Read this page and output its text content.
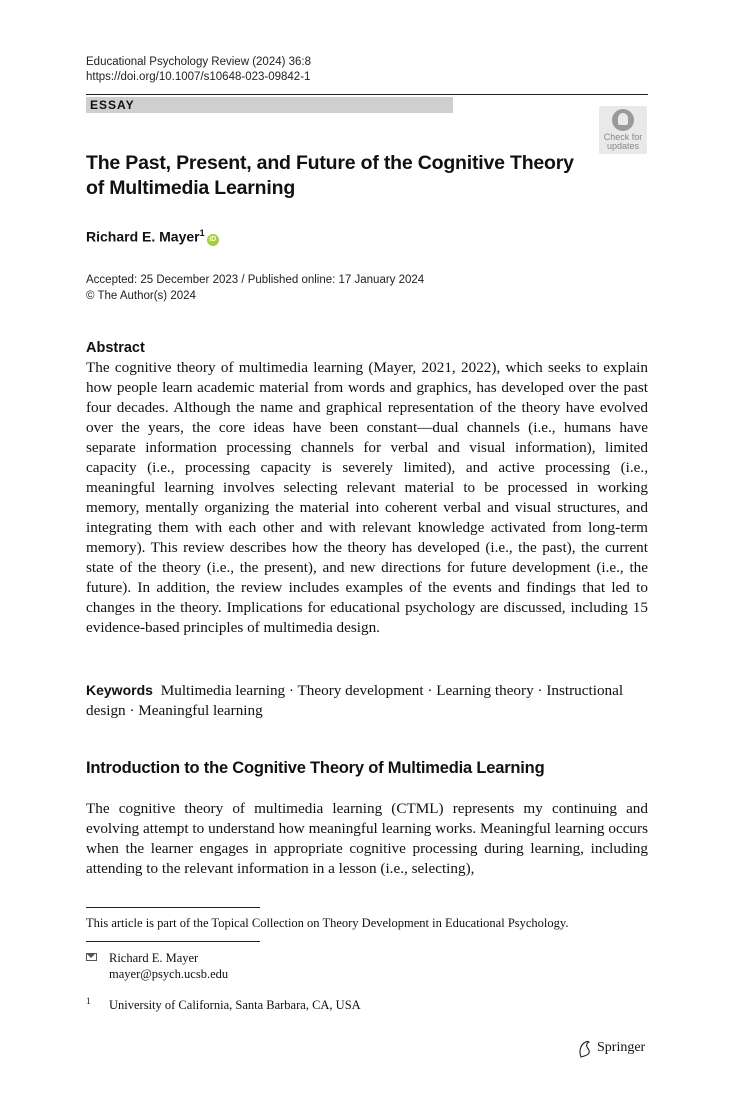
Educational Psychology Review (2024) 36:8
https://doi.org/10.1007/s10648-023-09842-1
ESSAY
Check for
updates
The Past, Present, and Future of the Cognitive Theory
of Multimedia Learning
Richard E. Mayer$^1$iD
Accepted: 25 December 2023 / Published online: 17 January 2024
© The Author(s) 2024
Abstract
The cognitive theory of multimedia learning (Mayer, 2021, 2022), which seeks to explain how people learn academic material from words and graphics, has developed over the past four decades. Although the name and graphical representation of the theory have evolved over the years, the core ideas have been constant—dual channels (i.e., humans have separate information processing channels for verbal and visual information), limited capacity (i.e., processing capacity is severely limited), and active processing (i.e., meaningful learning involves selecting relevant material to be processed in working memory, mentally organizing the material into coherent verbal and visual structures, and integrating them with each other and with relevant knowledge activated from long-term memory). This review describes how the theory has developed (i.e., the past), the current state of the theory (i.e., the present), and new directions for future development (i.e., the future). In addition, the review includes examples of the events and findings that led to changes in the theory. Implications for educational psychology are discussed, including 15 evidence-based principles of multimedia design.
Keywords Multimedia learning · Theory development · Learning theory · Instructional design · Meaningful learning
Introduction to the Cognitive Theory of Multimedia Learning
The cognitive theory of multimedia learning (CTML) represents my continuing and evolving attempt to understand how meaningful learning works. Meaningful learning occurs when the learner engages in appropriate cognitive processing during learning, including attending to the relevant information in a lesson (i.e., selecting),
This article is part of the Topical Collection on Theory Development in Educational Psychology.
Richard E. Mayer
mayer@psych.ucsb.edu
1 University of California, Santa Barbara, CA, USA
Springer
